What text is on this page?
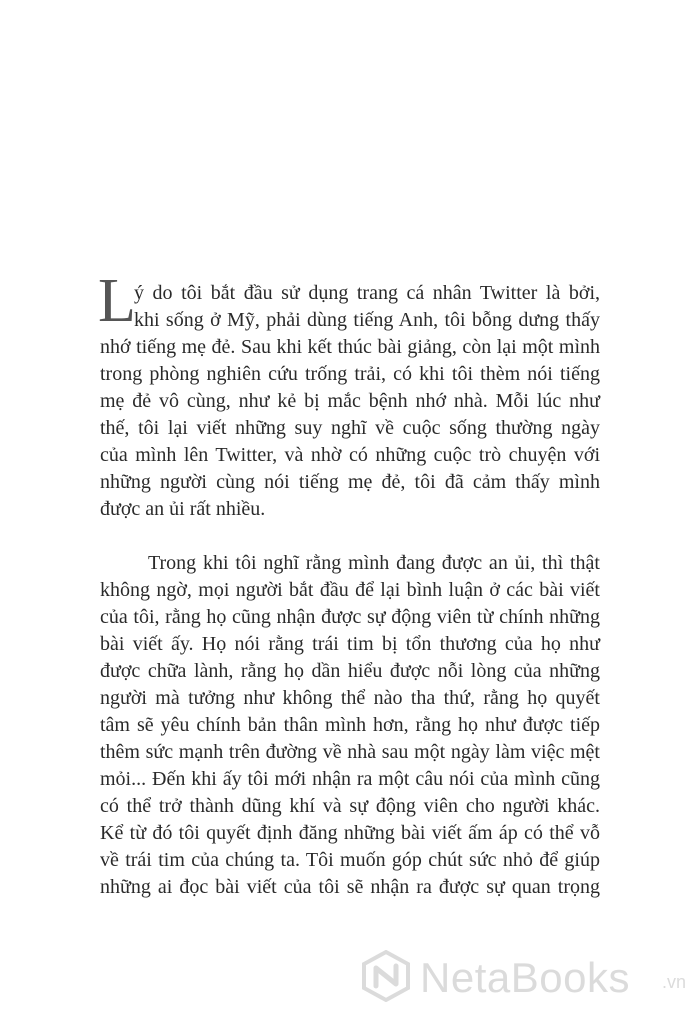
L
ý do tôi bắt đầu sử dụng trang cá nhân Twitter là bởi,
khi sống ở Mỹ, phải dùng tiếng Anh, tôi bỗng dưng thấy
nhớ tiếng mẹ đẻ. Sau khi kết thúc bài giảng, còn lại một mình
trong phòng nghiên cứu trống trải, có khi tôi thèm nói tiếng
mẹ đẻ vô cùng, như kẻ bị mắc bệnh nhớ nhà. Mỗi lúc như
thế, tôi lại viết những suy nghĩ về cuộc sống thường ngày
của mình lên Twitter, và nhờ có những cuộc trò chuyện với
những người cùng nói tiếng mẹ đẻ, tôi đã cảm thấy mình
được an ủi rất nhiều.
Trong khi tôi nghĩ rằng mình đang được an ủi, thì thật
không ngờ, mọi người bắt đầu để lại bình luận ở các bài viết
của tôi, rằng họ cũng nhận được sự động viên từ chính những
bài viết ấy. Họ nói rằng trái tim bị tổn thương của họ như
được chữa lành, rằng họ dần hiểu được nỗi lòng của những
người mà tưởng như không thể nào tha thứ, rằng họ quyết
tâm sẽ yêu chính bản thân mình hơn, rằng họ như được tiếp
thêm sức mạnh trên đường về nhà sau một ngày làm việc mệt
mỏi... Đến khi ấy tôi mới nhận ra một câu nói của mình cũng
có thể trở thành dũng khí và sự động viên cho người khác.
Kể từ đó tôi quyết định đăng những bài viết ấm áp có thể vỗ
về trái tim của chúng ta. Tôi muốn góp chút sức nhỏ để giúp
những ai đọc bài viết của tôi sẽ nhận ra được sự quan trọng
NetaBooks .vn
